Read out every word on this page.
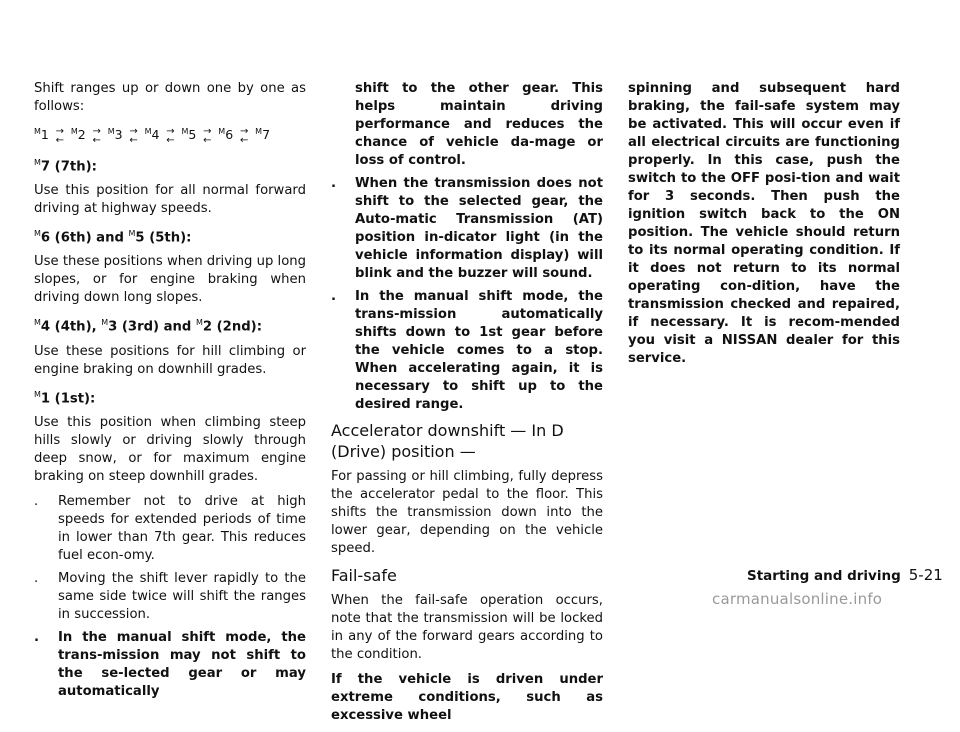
Shift ranges up or down one by one as follows:

$^M$1 →
←
$^M$2 →
←
$^M$3 →
←
$^M$4 →
←
$^M$5 →
←
$^M$6 →
←
$^M$7
$^M$7 (7th):

Use this position for all normal forward driving at highway speeds.

$^M$6 (6th) and $^M$5 (5th):

Use these positions when driving up long slopes, or for engine braking when driving down long slopes.

$^M$4 (4th), $^M$3 (3rd) and $^M$2 (2nd):

Use these positions for hill climbing or engine braking on downhill grades.

$^M$1 (1st):

Use this position when climbing steep hills slowly or driving slowly through deep snow, or for maximum engine braking on steep downhill grades.

. Remember not to drive at high speeds for extended periods of time in lower than 7th gear. This reduces fuel econ-omy.
. Moving the shift lever rapidly to the same side twice will shift the ranges in succession.
. In the manual shift mode, the trans-mission may not shift to the se-lected gear or may automatically
shift to the other gear. This helps maintain driving performance and reduces the chance of vehicle da-mage or loss of control.
. When the transmission does not shift to the selected gear, the Auto-matic Transmission (AT) position in-dicator light (in the vehicle information display) will blink and the buzzer will sound.
. In the manual shift mode, the trans-mission automatically shifts down to 1st gear before the vehicle comes to a stop. When accelerating again, it is necessary to shift up to the desired range.
Accelerator downshift — In D (Drive) position —

For passing or hill climbing, fully depress the accelerator pedal to the floor. This shifts the transmission down into the lower gear, depending on the vehicle speed.

Fail-safe

When the fail-safe operation occurs, note that the transmission will be locked in any of the forward gears according to the condition.

If the vehicle is driven under extreme conditions, such as excessive wheel

spinning and subsequent hard braking, the fail-safe system may be activated. This will occur even if all electrical circuits are functioning properly. In this case, push the switch to the OFF posi-tion and wait for 3 seconds. Then push the ignition switch back to the ON position. The vehicle should return to its normal operating condition. If it does not return to its normal operating con-dition, have the transmission checked and repaired, if necessary. It is recom-mended you visit a NISSAN dealer for this service.

Starting and driving 5-21
carmanualsonline.info
